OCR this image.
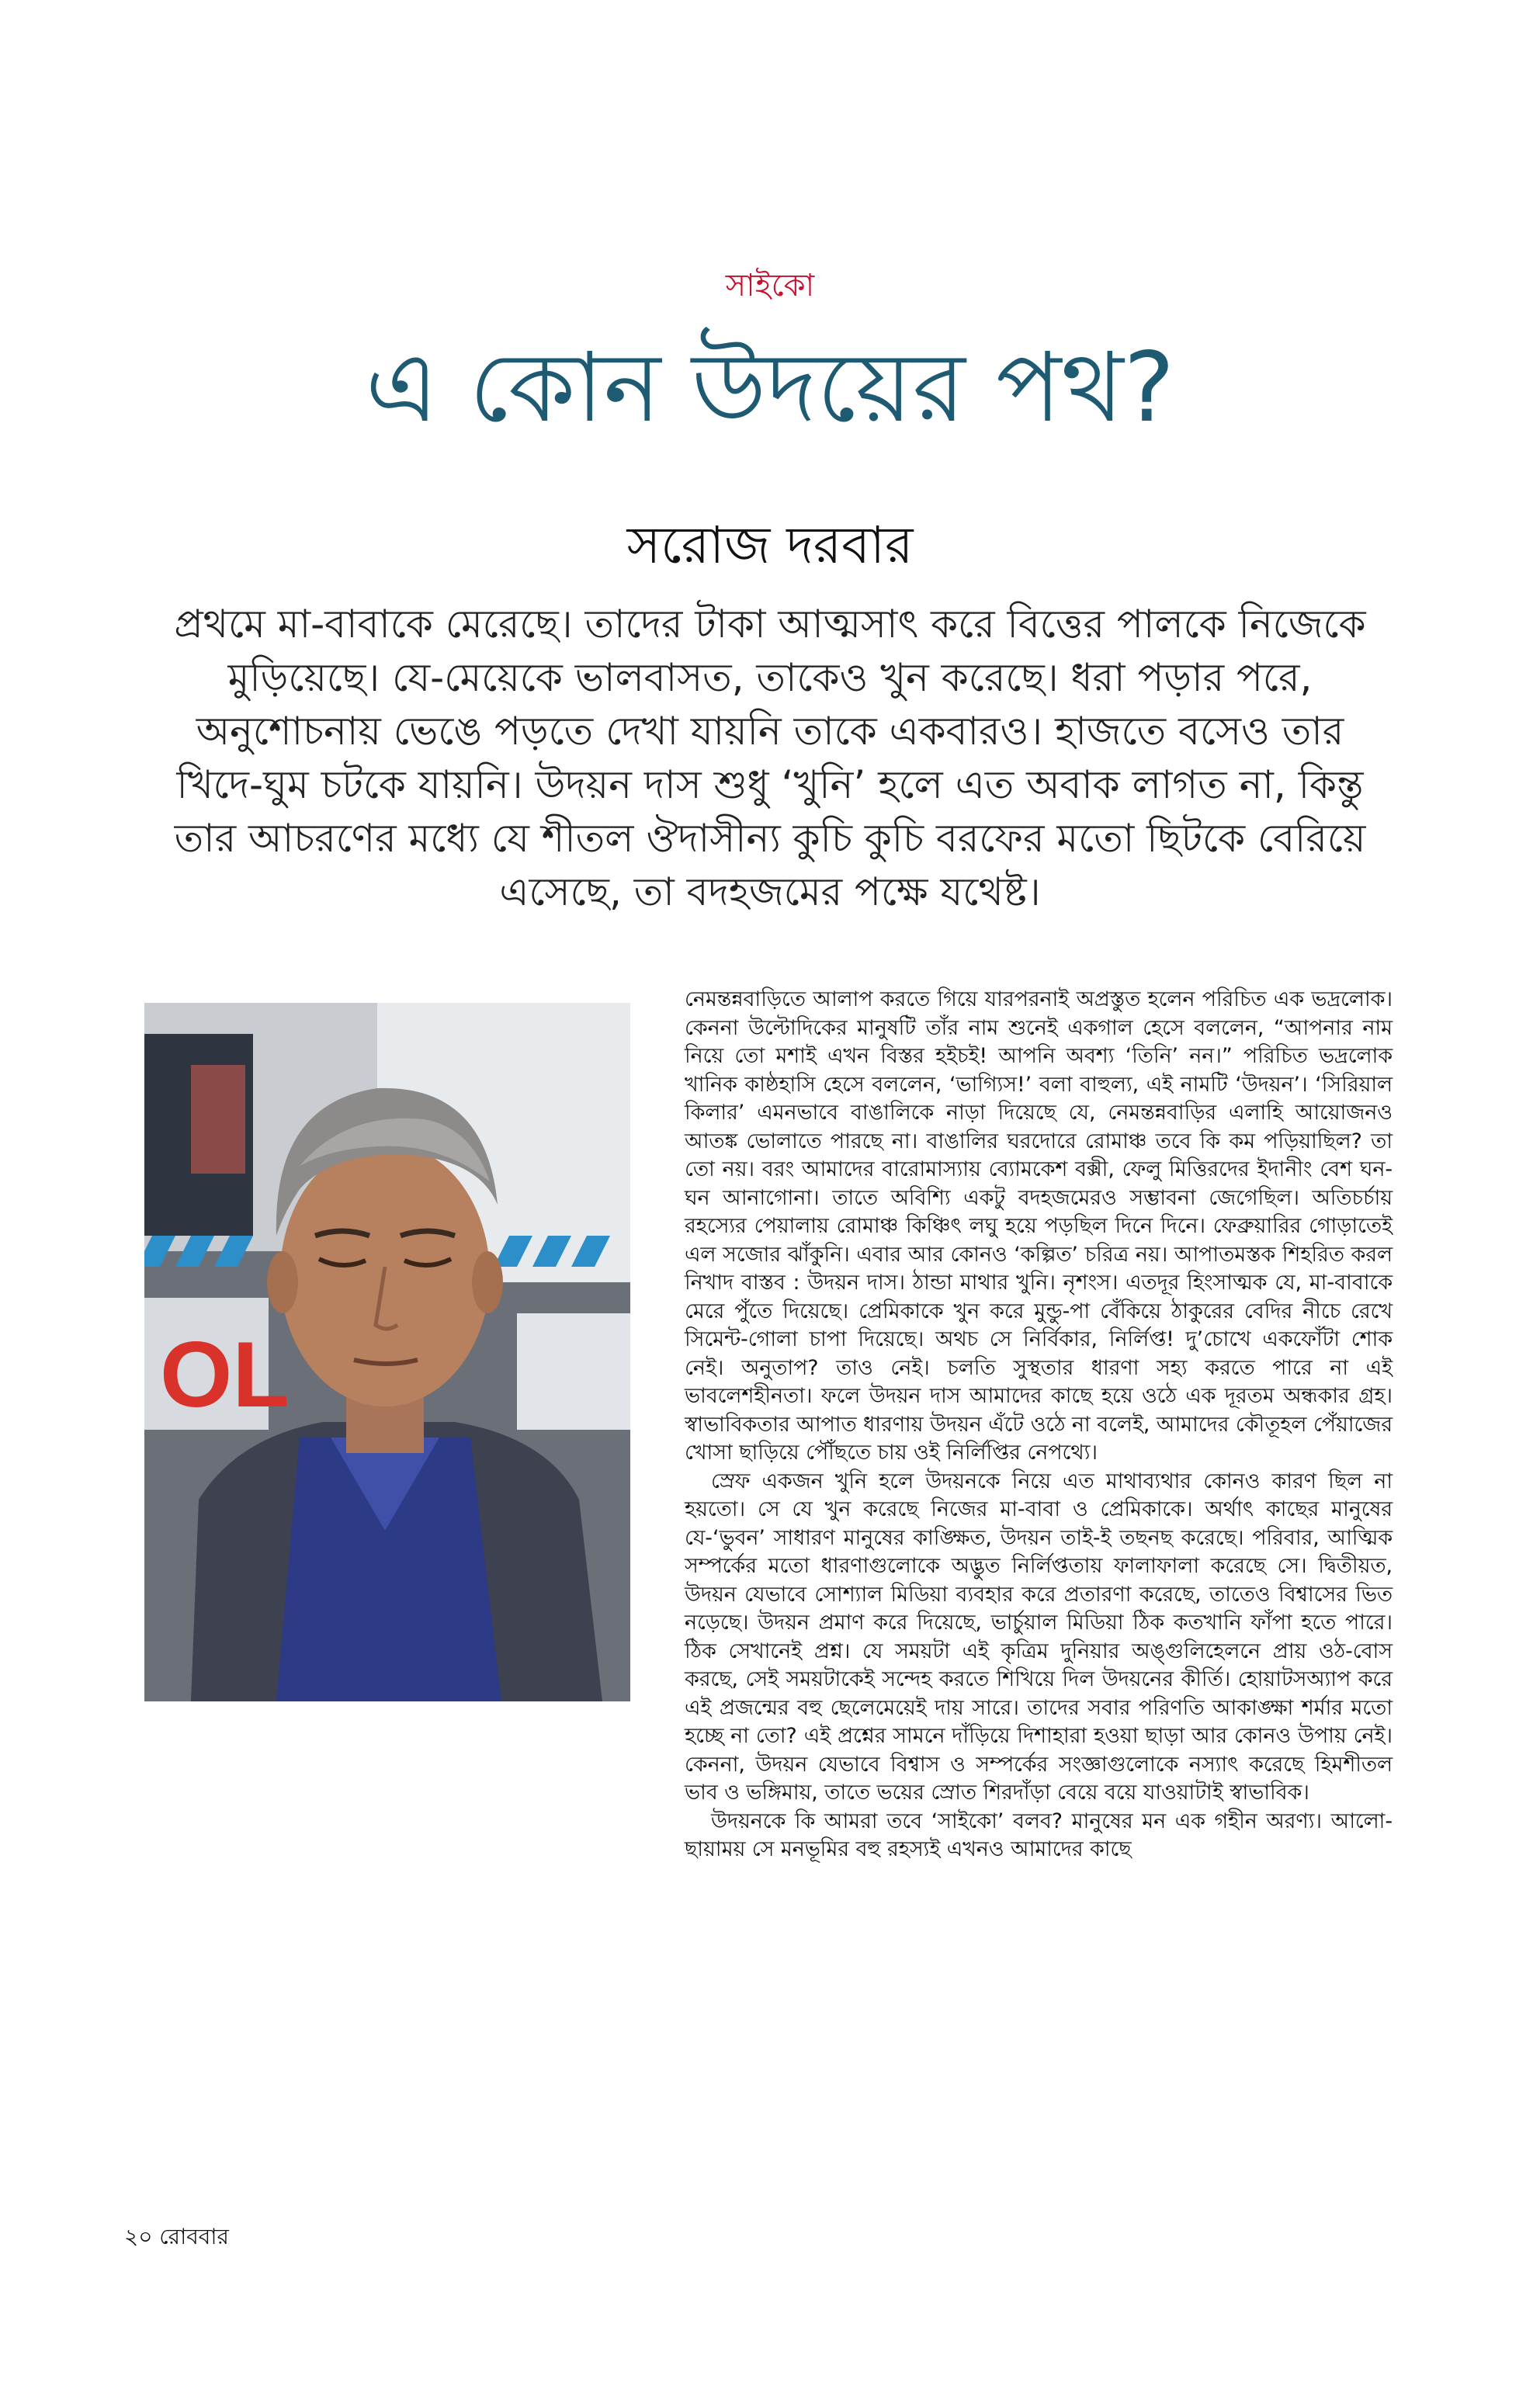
সাইকো
এ কোন উদয়ের পথ?
সরোজ দরবার
প্রথমে মা-বাবাকে মেরেছে। তাদের টাকা আত্মসাৎ করে বিত্তের পালকে নিজেকে মুড়িয়েছে। যে-মেয়েকে ভালবাসত, তাকেও খুন করেছে। ধরা পড়ার পরে, অনুশোচনায় ভেঙে পড়তে দেখা যায়নি তাকে একবারও। হাজতে বসেও তার খিদে-ঘুম চটকে যায়নি। উদয়ন দাস শুধু ‘খুনি’ হলে এত অবাক লাগত না, কিন্তু তার আচরণের মধ্যে যে শীতল ঔদাসীন্য কুচি কুচি বরফের মতো ছিটকে বেরিয়ে এসেছে, তা বদহজমের পক্ষে যথেষ্ট।
OL

নেমন্তন্নবাড়িতে আলাপ করতে গিয়ে যারপরনাই অপ্রস্তুত হলেন পরিচিত এক ভদ্রলোক। কেননা উল্টোদিকের মানুষটি তাঁর নাম শুনেই একগাল হেসে বললেন, “আপনার নাম নিয়ে তো মশাই এখন বিস্তর হইচই! আপনি অবশ্য ‘তিনি’ নন।” পরিচিত ভদ্রলোক খানিক কাষ্ঠহাসি হেসে বললেন, ‘ভাগ্যিস!’ বলা বাহুল্য, এই নামটি ‘উদয়ন’। ‘সিরিয়াল কিলার’ এমনভাবে বাঙালিকে নাড়া দিয়েছে যে, নেমন্তন্নবাড়ির এলাহি আয়োজনও আতঙ্ক ভোলাতে পারছে না। বাঙালির ঘরদোরে রোমাঞ্চ তবে কি কম পড়িয়াছিল? তা তো নয়। বরং আমাদের বারোমাস্যায় ব্যোমকেশ বক্সী, ফেলু মিত্তিরদের ইদানীং বেশ ঘন-ঘন আনাগোনা। তাতে অবিশ্যি একটু বদহজমেরও সম্ভাবনা জেগেছিল। অতিচর্চায় রহস্যের পেয়ালায় রোমাঞ্চ কিঞ্চিৎ লঘু হয়ে পড়ছিল দিনে দিনে। ফেব্রুয়ারির গোড়াতেই এল সজোর ঝাঁকুনি। এবার আর কোনও ‘কল্পিত’ চরিত্র নয়। আপাতমস্তক শিহরিত করল নিখাদ বাস্তব : উদয়ন দাস। ঠান্ডা মাথার খুনি। নৃশংস। এতদূর হিংসাত্মক যে, মা-বাবাকে মেরে পুঁতে দিয়েছে। প্রেমিকাকে খুন করে মুন্ডু-পা বেঁকিয়ে ঠাকুরের বেদির নীচে রেখে সিমেন্ট-গোলা চাপা দিয়েছে। অথচ সে নির্বিকার, নির্লিপ্ত! দু’চোখে একফোঁটা শোক নেই। অনুতাপ? তাও নেই। চলতি সুস্থতার ধারণা সহ্য করতে পারে না এই ভাবলেশহীনতা। ফলে উদয়ন দাস আমাদের কাছে হয়ে ওঠে এক দূরতম অন্ধকার গ্রহ। স্বাভাবিকতার আপাত ধারণায় উদয়ন এঁটে ওঠে না বলেই, আমাদের কৌতূহল পেঁয়াজের খোসা ছাড়িয়ে পৌঁছতে চায় ওই নির্লিপ্তির নেপথ্যে।

স্রেফ একজন খুনি হলে উদয়নকে নিয়ে এত মাথাব্যথার কোনও কারণ ছিল না হয়তো। সে যে খুন করেছে নিজের মা-বাবা ও প্রেমিকাকে। অর্থাৎ কাছের মানুষের যে-‘ভুবন’ সাধারণ মানুষের কাঙ্ক্ষিত, উদয়ন তাই-ই তছনছ করেছে। পরিবার, আত্মিক সম্পর্কের মতো ধারণাগুলোকে অদ্ভুত নির্লিপ্ততায় ফালাফালা করেছে সে। দ্বিতীয়ত, উদয়ন যেভাবে সোশ্যাল মিডিয়া ব্যবহার করে প্রতারণা করেছে, তাতেও বিশ্বাসের ভিত নড়েছে। উদয়ন প্রমাণ করে দিয়েছে, ভার্চুয়াল মিডিয়া ঠিক কতখানি ফাঁপা হতে পারে। ঠিক সেখানেই প্রশ্ন। যে সময়টা এই কৃত্রিম দুনিয়ার অঙ্গুলিহেলনে প্রায় ওঠ-বোস করছে, সেই সময়টাকেই সন্দেহ করতে শিখিয়ে দিল উদয়নের কীর্তি। হোয়াটসঅ্যাপ করে এই প্রজন্মের বহু ছেলেমেয়েই দায় সারে। তাদের সবার পরিণতি আকাঙ্ক্ষা শর্মার মতো হচ্ছে না তো? এই প্রশ্নের সামনে দাঁড়িয়ে দিশাহারা হওয়া ছাড়া আর কোনও উপায় নেই। কেননা, উদয়ন যেভাবে বিশ্বাস ও সম্পর্কের সংজ্ঞাগুলোকে নস্যাৎ করেছে হিমশীতল ভাব ও ভঙ্গিমায়, তাতে ভয়ের স্রোত শিরদাঁড়া বেয়ে বয়ে যাওয়াটাই স্বাভাবিক।

উদয়নকে কি আমরা তবে ‘সাইকো’ বলব? মানুষের মন এক গহীন অরণ্য। আলো-ছায়াময় সে মনভূমির বহু রহস্যই এখনও আমাদের কাছে

২০ রোববার
